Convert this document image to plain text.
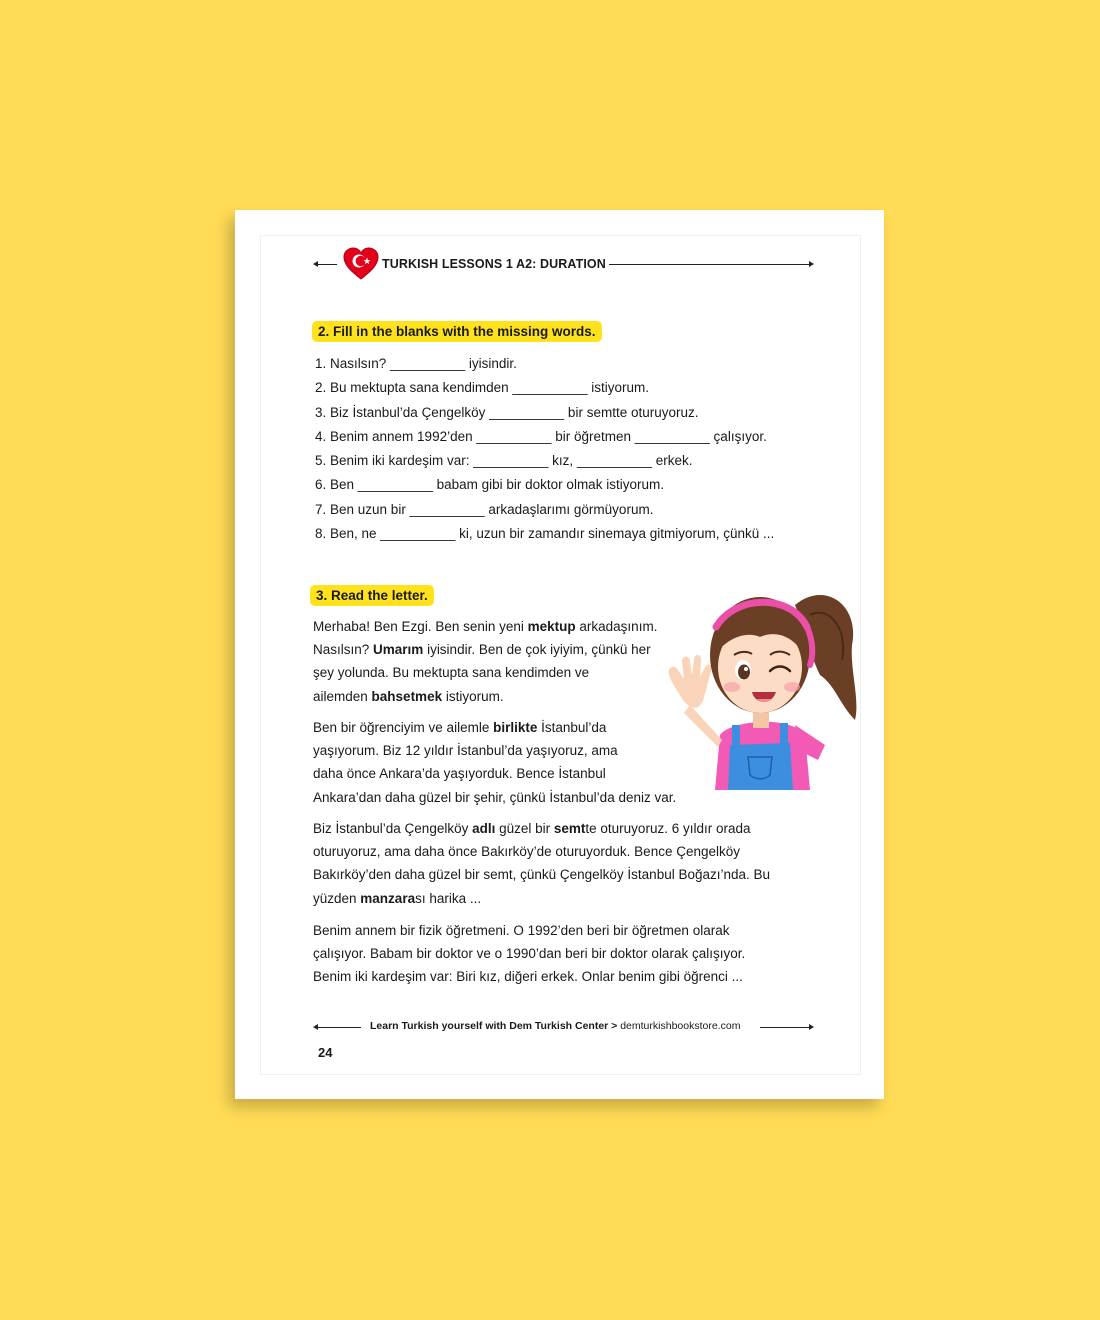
TURKISH LESSONS 1 A2: DURATION
2. Fill in the blanks with the missing words.
1. Nasılsın? __________ iyisindir.
2. Bu mektupta sana kendimden __________ istiyorum.
3. Biz İstanbul’da Çengelköy __________ bir semtte oturuyoruz.
4. Benim annem 1992’den __________ bir öğretmen __________ çalışıyor.
5. Benim iki kardeşim var: __________ kız, __________ erkek.
6. Ben __________ babam gibi bir doktor olmak istiyorum.
7. Ben uzun bir __________ arkadaşlarımı görmüyorum.
8. Ben, ne __________ ki, uzun bir zamandır sinemaya gitmiyorum, çünkü ...
3. Read the letter.

Merhaba! Ben Ezgi. Ben senin yeni mektup arkadaşınım.
Nasılsın? Umarım iyisindir. Ben de çok iyiyim, çünkü her
şey yolunda. Bu mektupta sana kendimden ve
ailemden bahsetmek istiyorum.

Ben bir öğrenciyim ve ailemle birlikte İstanbul’da
yaşıyorum. Biz 12 yıldır İstanbul’da yaşıyoruz, ama
daha önce Ankara’da yaşıyorduk. Bence İstanbul
Ankara’dan daha güzel bir şehir, çünkü İstanbul’da deniz var.

Biz İstanbul’da Çengelköy adlı güzel bir semtte oturuyoruz. 6 yıldır orada
oturuyoruz, ama daha önce Bakırköy’de oturuyorduk. Bence Çengelköy
Bakırköy’den daha güzel bir semt, çünkü Çengelköy İstanbul Boğazı’nda. Bu
yüzden manzarası harika ...

Benim annem bir fizik öğretmeni. O 1992’den beri bir öğretmen olarak
çalışıyor. Babam bir doktor ve o 1990’dan beri bir doktor olarak çalışıyor.
Benim iki kardeşim var: Biri kız, diğeri erkek. Onlar benim gibi öğrenci ...

Learn Turkish yourself with Dem Turkish Center > demturkishbookstore.com
24
